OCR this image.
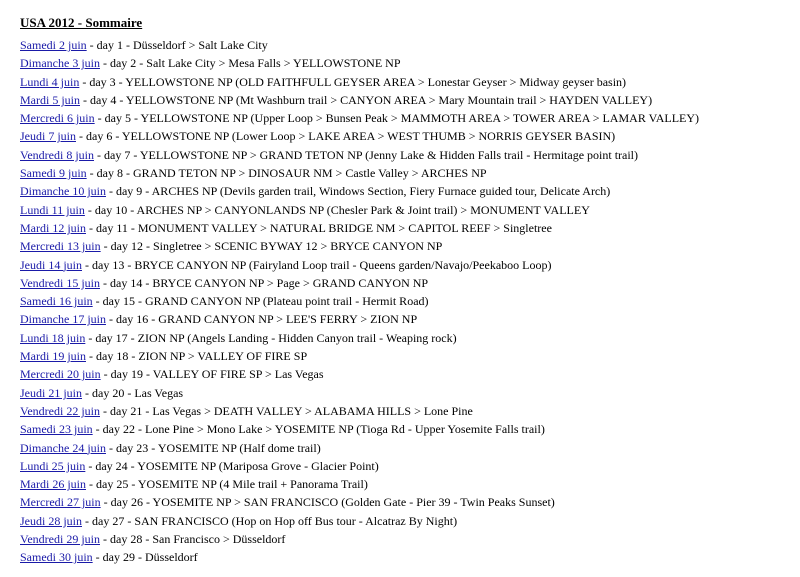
USA 2012 - Sommaire
Samedi 2 juin - day 1 - Düsseldorf > Salt Lake City
Dimanche 3 juin - day 2 - Salt Lake City > Mesa Falls > YELLOWSTONE NP
Lundi 4 juin - day 3 - YELLOWSTONE NP (OLD FAITHFULL GEYSER AREA > Lonestar Geyser > Midway geyser basin)
Mardi 5 juin - day 4 - YELLOWSTONE NP (Mt Washburn trail > CANYON AREA > Mary Mountain trail > HAYDEN VALLEY)
Mercredi 6 juin - day 5 - YELLOWSTONE NP (Upper Loop > Bunsen Peak > MAMMOTH AREA > TOWER AREA > LAMAR VALLEY)
Jeudi 7 juin - day 6 - YELLOWSTONE NP (Lower Loop > LAKE AREA > WEST THUMB > NORRIS GEYSER BASIN)
Vendredi 8 juin - day 7 - YELLOWSTONE NP > GRAND TETON NP (Jenny Lake & Hidden Falls trail - Hermitage point trail)
Samedi 9 juin - day 8 - GRAND TETON NP > DINOSAUR NM > Castle Valley > ARCHES NP
Dimanche 10 juin - day 9 - ARCHES NP (Devils garden trail, Windows Section, Fiery Furnace guided tour, Delicate Arch)
Lundi 11 juin - day 10 - ARCHES NP > CANYONLANDS NP (Chesler Park & Joint trail) > MONUMENT VALLEY
Mardi 12 juin - day 11 - MONUMENT VALLEY > NATURAL BRIDGE NM > CAPITOL REEF > Singletree
Mercredi 13 juin - day 12 - Singletree > SCENIC BYWAY 12 > BRYCE CANYON NP
Jeudi 14 juin - day 13 - BRYCE CANYON NP (Fairyland Loop trail - Queens garden/Navajo/Peekaboo Loop)
Vendredi 15 juin - day 14 - BRYCE CANYON NP > Page > GRAND CANYON NP
Samedi 16 juin - day 15 - GRAND CANYON NP (Plateau point trail - Hermit Road)
Dimanche 17 juin - day 16 - GRAND CANYON NP > LEE'S FERRY > ZION NP
Lundi 18 juin - day 17 - ZION NP (Angels Landing - Hidden Canyon trail - Weaping rock)
Mardi 19 juin - day 18 - ZION NP > VALLEY OF FIRE SP
Mercredi 20 juin - day 19 - VALLEY OF FIRE SP > Las Vegas
Jeudi 21 juin - day 20 - Las Vegas
Vendredi 22 juin - day 21 - Las Vegas > DEATH VALLEY > ALABAMA HILLS > Lone Pine
Samedi 23 juin - day 22 - Lone Pine > Mono Lake > YOSEMITE NP (Tioga Rd - Upper Yosemite Falls trail)
Dimanche 24 juin - day 23 - YOSEMITE NP (Half dome trail)
Lundi 25 juin - day 24 - YOSEMITE NP (Mariposa Grove - Glacier Point)
Mardi 26 juin - day 25 - YOSEMITE NP (4 Mile trail + Panorama Trail)
Mercredi 27 juin - day 26 - YOSEMITE NP > SAN FRANCISCO (Golden Gate - Pier 39 - Twin Peaks Sunset)
Jeudi 28 juin - day 27 - SAN FRANCISCO (Hop on Hop off Bus tour - Alcatraz By Night)
Vendredi 29 juin - day 28 - San Francisco > Düsseldorf
Samedi 30 juin - day 29 - Düsseldorf
